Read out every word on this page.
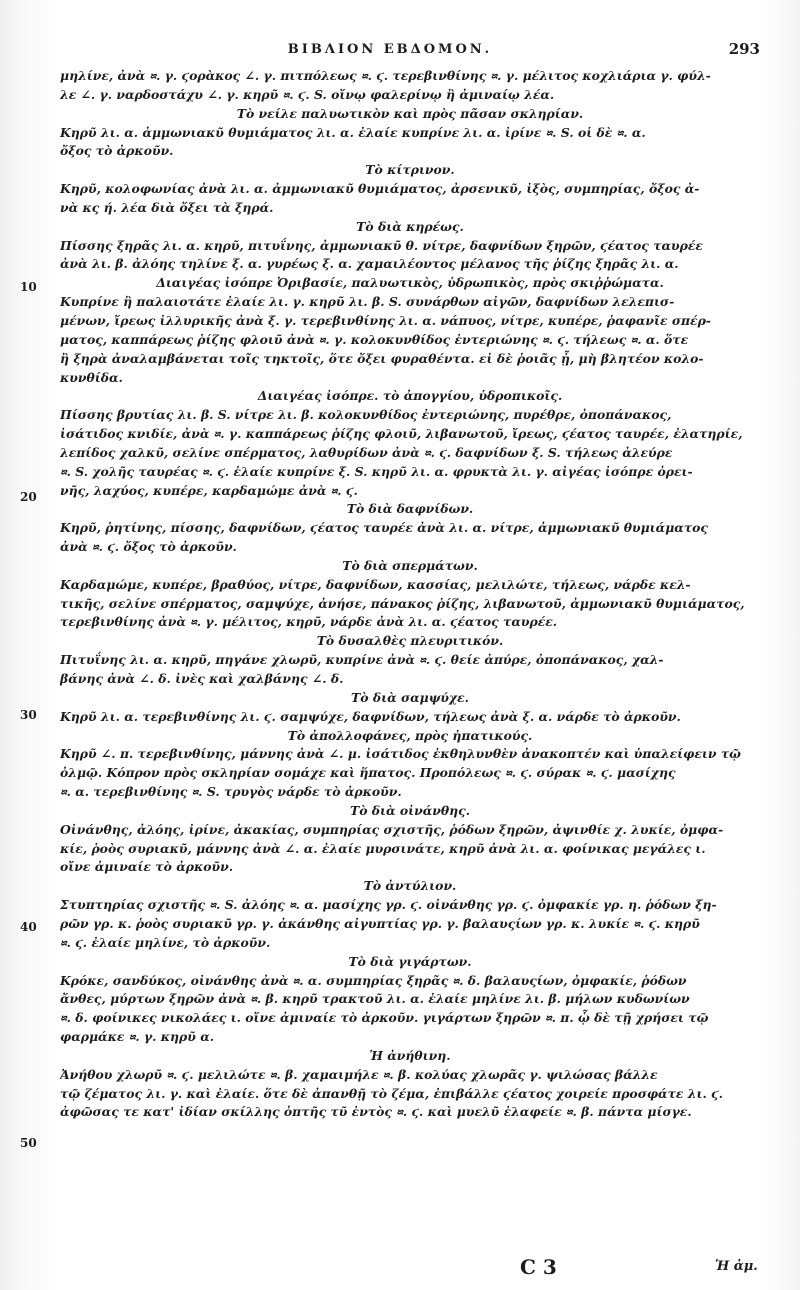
ΒΙΒΛΙΟΝ ΕΒΔΟΜΟΝ.	293
10
20
30
40
50

μηλίνε, ἀνὰ 𐅽. γ. ϛορὰκος ∠. γ. πιτπόλεως 𐅽. ϛ. τερεβινθίνης 𐅽. γ. μέλιτος κοχλιάρια γ. φύλ-

λε ∠. γ. ναρδοστάχυ ∠. γ. κηρῦ 𐅽. ϛ. S. οἴνῳ φαλερίνῳ ἢ ἀμιναίῳ λέα.

Τὸ νείλε παλυωτικὸν καὶ πρὸς πᾶσαν σκληρίαν.

Κηρῦ λι. α. ἀμμωνιακῦ θυμιάματος λι. α. ἐλαίε κυπρίνε λι. α. ἰρίνε 𐅽. S. οἱ δὲ 𐅽. α.

ὄξος τὸ ἀρκοῦν.

Τὸ κίτρινον.

Κηρῦ, κολοφωνίας ἀνὰ λι. α. ἀμμωνιακῦ θυμιάματος, ἀρσενικῦ, ἰξὸς, συμπηρίας, ὄξος ἀ-

νὰ κς ή. λέα διὰ ὄξει τὰ ξηρά.

Τὸ διὰ κηρέως.

Πίσσης ξηρᾶς λι. α. κηρῦ, πιτυΐνης, ἀμμωνιακῦ θ. νίτρε, δαφνίδων ξηρῶν, ϛέατος ταυρέε

ἀνὰ λι. β. ἀλόης τηλίνε ξ. α. γυρέως ξ. α. χαμαιλέοντος μέλανος τῆς ῥίζης ξηρᾶς λι. α.

Διαιγέας ἰσόπρε Ὀριβασίε, παλυωτικὸς, ὑδρωπικὸς, πρὸς σκιῤῥώματα.

Κυπρίνε ἢ παλαιοτάτε ἐλαίε λι. γ. κηρῦ λι. β. S. συνάρθων αἰγῶν, δαφνίδων λελεπισ-

μένων, ἴρεως ἰλλυρικῆς ἀνὰ ξ. γ. τερεβινθίνης λι. α. νάπυος, νίτρε, κυπέρε, ῥαφανῖε σπέρ-

ματος, καππάρεως ῥίζης φλοιῦ ἀνὰ 𐅽. γ. κολοκυνθίδος ἐντεριώνης 𐅽. ϛ. τήλεως 𐅽. α. ὅτε

ἢ ξηρὰ ἀναλαμβάνεται τοῖς τηκτοῖς, ὅτε ὄξει φυραθέντα. εἰ δὲ ῥοιᾶς ᾖ, μὴ βλητέον κολο-

κυνθίδα.

Διαιγέας ἰσόπρε. τὸ ἀπογγίου, ὑδροπικοῖς.

Πίσσης βρυτίας λι. β. S. νίτρε λι. β. κολοκυνθίδος ἐντεριώνης, πυρέθρε, ὀποπάνακος,

ἰσάτιδος κνιδίε, ἀνὰ 𐅽. γ. καππάρεως ῥίζης φλοιῦ, λιβανωτοῦ, ἴρεως, ϛέατος ταυρέε, ἐλατηρίε,

λεπίδος χαλκῦ, σελίνε σπέρματος, λαθυρίδων ἀνὰ 𐅽. ϛ. δαφνίδων ξ. S. τήλεως ἀλεύρε

𐅽. S. χολῆς ταυρέας 𐅽. ϛ. ἐλαίε κυπρίνε ξ. S. κηρῦ λι. α. φρυκτὰ λι. γ. αἰγέας ἰσόπρε ὀρει-

νῆς, λαχύος, κυπέρε, καρδαμώμε ἀνὰ 𐅽. ϛ.

Τὸ διὰ δαφνίδων.

Κηρῦ, ῥητίνης, πίσσης, δαφνίδων, ϛέατος ταυρέε ἀνὰ λι. α. νίτρε, ἀμμωνιακῦ θυμιάματος

ἀνὰ 𐅽. ϛ. ὄξος τὸ ἀρκοῦν.

Τὸ διὰ σπερμάτων.

Καρδαμώμε, κυπέρε, βραθύος, νίτρε, δαφνίδων, κασσίας, μελιλώτε, τήλεως, νάρδε κελ-

τικῆς, σελίνε σπέρματος, σαμψύχε, ἀνήσε, πάνακος ῥίζης, λιβανωτοῦ, ἀμμωνιακῦ θυμιάματος,

τερεβινθίνης ἀνὰ 𐅽. γ. μέλιτος, κηρῦ, νάρδε ἀνὰ λι. α. ϛέατος ταυρέε.

Τὸ δυσαλθὲς πλευριτικόν.

Πιτυΐνης λι. α. κηρῦ, πηγάνε χλωρῦ, κυπρίνε ἀνὰ 𐅽. ϛ. θείε ἀπύρε, ὀποπάνακος, χαλ-

βάνης ἀνὰ ∠. δ. ἰνὲς καὶ χαλβάνης ∠. δ.

Τὸ διὰ σαμψύχε.

Κηρῦ λι. α. τερεβινθίνης λι. ϛ. σαμψύχε, δαφνίδων, τήλεως ἀνὰ ξ. α. νάρδε τὸ ἀρκοῦν.

Τὸ ἀπολλοφάνες, πρὸς ἡπατικούς.

Κηρῦ ∠. π. τερεβινθίνης, μάννης ἀνὰ ∠. μ. ἰσάτιδος ἐκθηλυνθὲν ἀνακοπτέν καὶ ὑπαλείφειν τῷ

ὀλμῷ. Κόπρον πρὸς σκληρίαν σομάχε καὶ ἥπατος. Προπόλεως 𐅽. ϛ. σύρακ 𐅽. ϛ. μασίχης

𐅽. α. τερεβινθίνης 𐅽. S. τρυγὸς νάρδε τὸ ἀρκοῦν.

Τὸ διὰ οἰνάνθης.

Οἰνάνθης, ἀλόης, ἰρίνε, ἀκακίας, συμπηρίας σχιστῆς, ῥόδων ξηρῶν, ἀψινθίε χ. λυκίε, ὀμφα-

κίε, ῥοὸς συριακῦ, μάννης ἀνὰ ∠. α. ἐλαίε μυρσινάτε, κηρῦ ἀνὰ λι. α. φοίνικας μεγάλες ι.

οἴνε ἀμιναίε τὸ ἀρκοῦν.

Τὸ ἀντύλιον.

Στυπτηρίας σχιστῆς 𐅽. S. ἀλόης 𐅽. α. μασίχης γρ. ϛ. οἰνάνθης γρ. ϛ. ὀμφακίε γρ. η. ῥόδων ξη-

ρῶν γρ. κ. ῥοὸς συριακῦ γρ. γ. ἀκάνθης αἰγυπτίας γρ. γ. βαλαυςίων γρ. κ. λυκίε 𐅽. ϛ. κηρῦ

𐅽. ϛ. ἐλαίε μηλίνε, τὸ ἀρκοῦν.

Τὸ διὰ γιγάρτων.

Κρόκε, σανδύκος, οἰνάνθης ἀνὰ 𐅽. α. συμπηρίας ξηρᾶς 𐅽. δ. βαλαυςίων, ὀμφακίε, ῥόδων

ἄνθες, μύρτων ξηρῶν ἀνὰ 𐅽. β. κηρῦ τρακτοῦ λι. α. ἐλαίε μηλίνε λι. β. μήλων κυδωνίων

𐅽. δ. φοίνικες νικολάες ι. οἴνε ἀμιναίε τὸ ἀρκοῦν. γιγάρτων ξηρῶν 𐅽. π. ᾧ δὲ τῇ χρήσει τῷ

φαρμάκε 𐅽. γ. κηρῦ α.

Ἡ ἀνήθινη.

Ἀνήθου χλωρῦ 𐅽. ϛ. μελιλώτε 𐅽. β. χαμαιμήλε 𐅽. β. κολύας χλωρᾶς γ. ψιλώσας βάλλε

τῷ ζέματος λι. γ. καὶ ἐλαίε. ὅτε δὲ ἀπανθῇ τὸ ζέμα, ἐπιβάλλε ϛέατος χοιρείε προσφάτε λι. ϛ.

ἀφῶσας τε κατ' ἰδίαν σκίλλης ὀπτῆς τῦ ἐντὸς 𐅽. ϛ. καὶ μυελῦ ἐλαφείε 𐅽. β. πάντα μίσγε.

C 3	Ἡ ἀμ.
